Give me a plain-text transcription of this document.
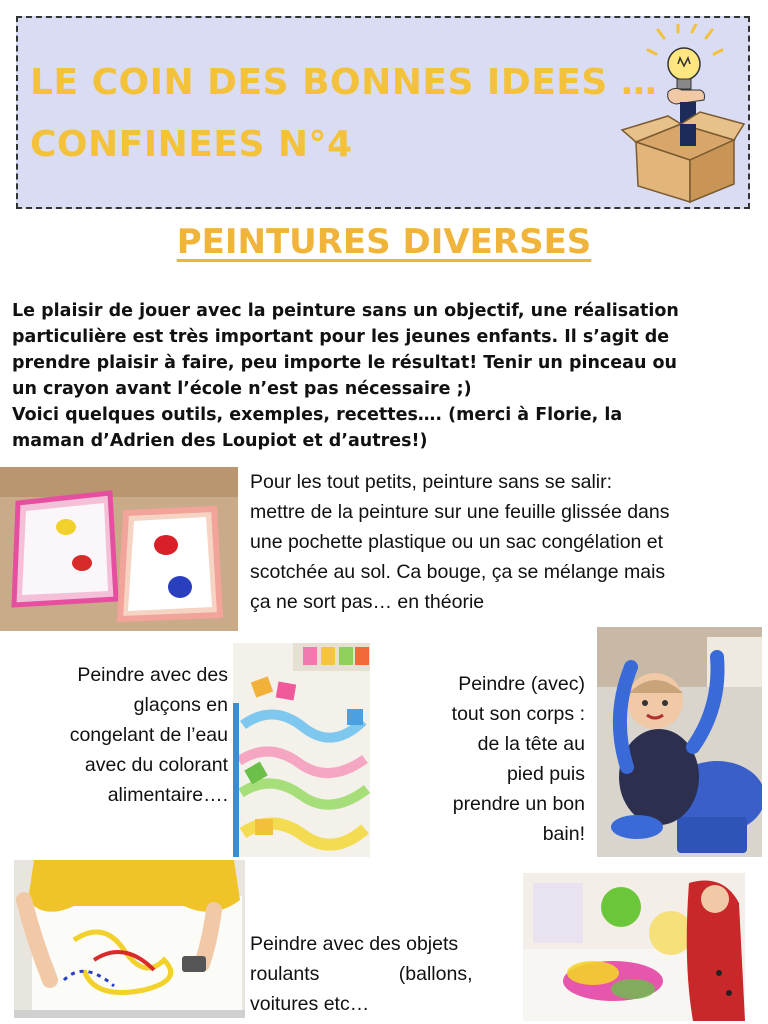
LE COIN DES BONNES IDEES …
CONFINEES N°4
PEINTURES DIVERSES

Le plaisir de jouer avec la peinture sans un objectif, une réalisation
particulière est très important pour les jeunes enfants. Il s’agit de
prendre plaisir à faire, peu importe le résultat! Tenir un pinceau ou
un crayon avant l’école n’est pas nécessaire ;)
Voici quelques outils, exemples, recettes…. (merci à Florie, la
maman d’Adrien des Loupiot et d’autres!)

Pour les tout petits, peinture sans se salir:
mettre de la peinture sur une feuille glissée dans
une pochette plastique ou un sac congélation et
scotchée au sol. Ca bouge, ça se mélange mais
ça ne sort pas… en théorie

Peindre avec des
glaçons en
congelant de l’eau
avec du colorant
alimentaire….

Peindre (avec)
tout son corps :
de la tête au
pied puis
prendre un bon
bain!

Peindre avec des objets
roulants (ballons,
voitures etc…
